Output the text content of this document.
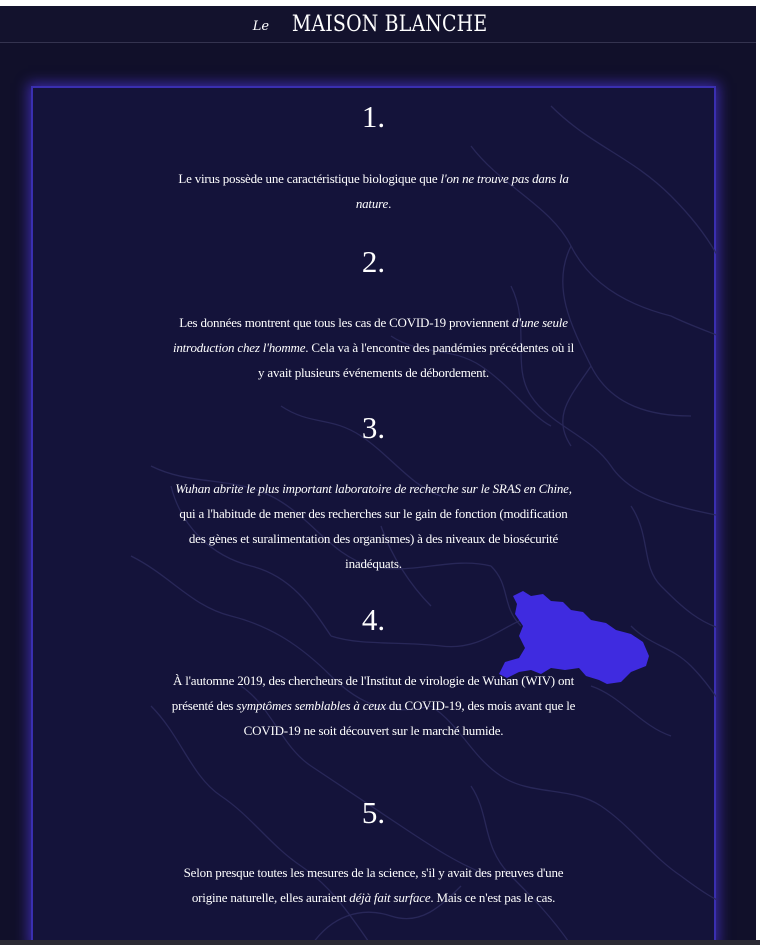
Le MAISON BLANCHE
1.
Le virus possède une caractéristique biologique que l'on ne trouve pas dans la nature.
2.
Les données montrent que tous les cas de COVID-19 proviennent d'une seule introduction chez l'homme. Cela va à l'encontre des pandémies précédentes où il y avait plusieurs événements de débordement.
3.
Wuhan abrite le plus important laboratoire de recherche sur le SRAS en Chine, qui a l'habitude de mener des recherches sur le gain de fonction (modification des gènes et suralimentation des organismes) à des niveaux de biosécurité inadéquats.
4.
À l'automne 2019, des chercheurs de l'Institut de virologie de Wuhan (WIV) ont présenté des symptômes semblables à ceux du COVID-19, des mois avant que le COVID-19 ne soit découvert sur le marché humide.
5.
Selon presque toutes les mesures de la science, s'il y avait des preuves d'une origine naturelle, elles auraient déjà fait surface. Mais ce n'est pas le cas.
